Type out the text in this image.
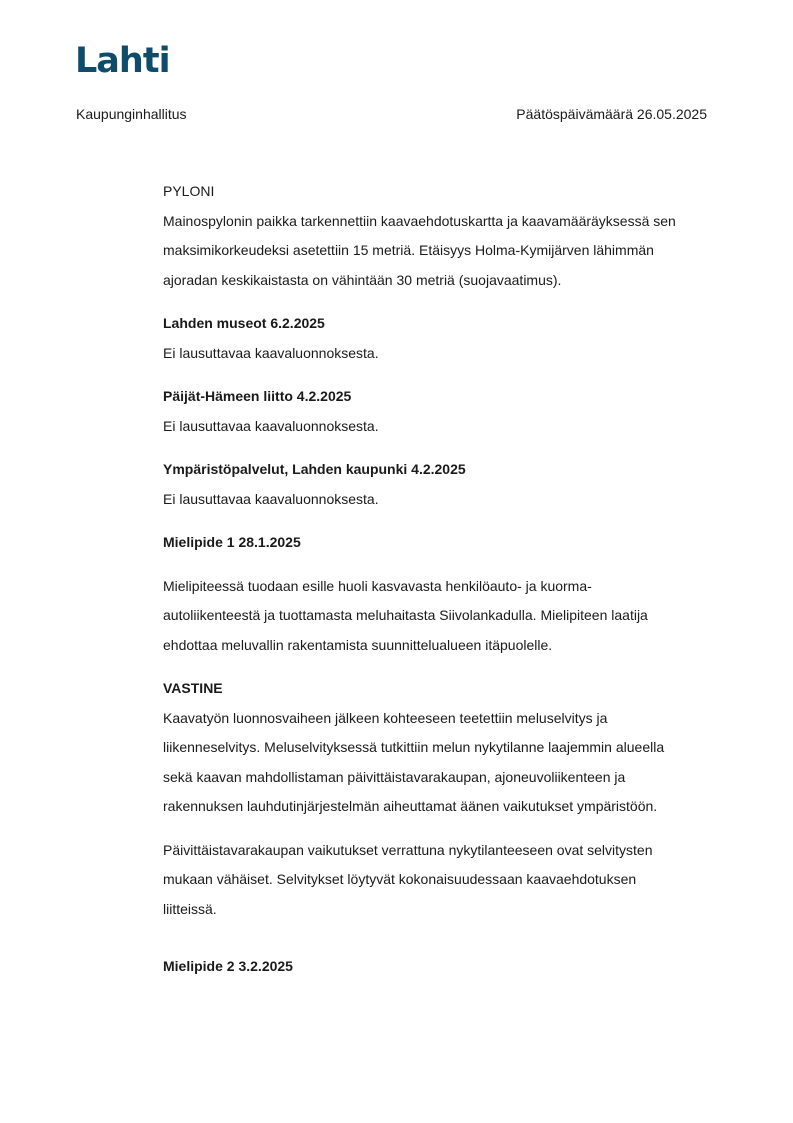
Lahti
Kaupunginhallitus	Päätöspäivämäärä 26.05.2025
PYLONI
Mainospylonin paikka tarkennettiin kaavaehdotuskartta ja kaavamääräyksessä sen
maksimikorkeudeksi asetettiin 15 metriä. Etäisyys Holma-Kymijärven lähimmän
ajoradan keskikaistasta on vähintään 30 metriä (suojavaatimus).
Lahden museot 6.2.2025
Ei lausuttavaa kaavaluonnoksesta.
Päijät-Hämeen liitto 4.2.2025
Ei lausuttavaa kaavaluonnoksesta.
Ympäristöpalvelut, Lahden kaupunki 4.2.2025
Ei lausuttavaa kaavaluonnoksesta.
Mielipide 1 28.1.2025
Mielipiteessä tuodaan esille huoli kasvavasta henkilöauto- ja kuorma-
autoliikenteestä ja tuottamasta meluhaitasta Siivolankadulla. Mielipiteen laatija
ehdottaa meluvallin rakentamista suunnittelualueen itäpuolelle.
VASTINE
Kaavatyön luonnosvaiheen jälkeen kohteeseen teetettiin meluselvitys ja
liikenneselvitys. Meluselvityksessä tutkittiin melun nykytilanne laajemmin alueella
sekä kaavan mahdollistaman päivittäistavarakaupan, ajoneuvoliikenteen ja
rakennuksen lauhdutinjärjestelmän aiheuttamat äänen vaikutukset ympäristöön.
Päivittäistavarakaupan vaikutukset verrattuna nykytilanteeseen ovat selvitysten
mukaan vähäiset. Selvitykset löytyvät kokonaisuudessaan kaavaehdotuksen
liitteissä.
Mielipide 2 3.2.2025
